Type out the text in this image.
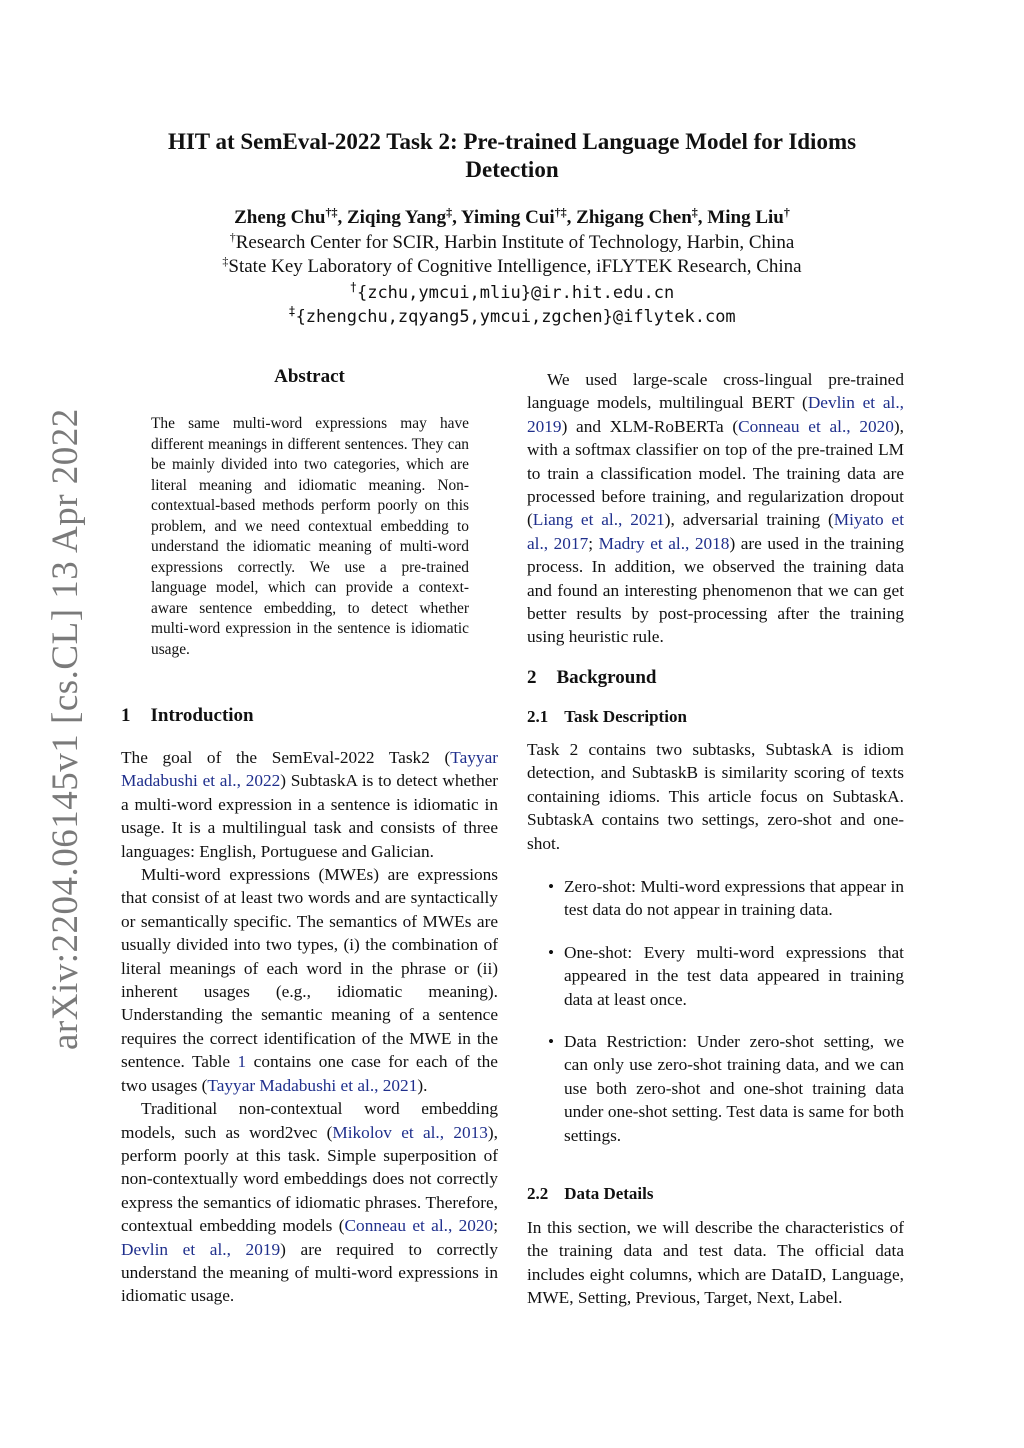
arXiv:2204.06145v1 [cs.CL] 13 Apr 2022
HIT at SemEval-2022 Task 2: Pre-trained Language Model for Idioms
Detection
Zheng Chu†‡, Ziqing Yang‡, Yiming Cui†‡, Zhigang Chen‡, Ming Liu†
†Research Center for SCIR, Harbin Institute of Technology, Harbin, China
‡State Key Laboratory of Cognitive Intelligence, iFLYTEK Research, China
†{zchu,ymcui,mliu}@ir.hit.edu.cn
‡{zhengchu,zqyang5,ymcui,zgchen}@iflytek.com
Abstract
The same multi-word expressions may have different meanings in different sentences. They can be mainly divided into two categories, which are literal meaning and idiomatic meaning. Non-contextual-based methods perform poorly on this problem, and we need contextual embedding to understand the idiomatic meaning of multi-word expressions correctly. We use a pre-trained language model, which can provide a context-aware sentence embedding, to detect whether multi-word expression in the sentence is idiomatic usage.
1 Introduction

The goal of the SemEval-2022 Task2 (Tayyar Madabushi et al., 2022) SubtaskA is to detect whether a multi-word expression in a sentence is idiomatic in usage. It is a multilingual task and consists of three languages: English, Portuguese and Galician.

Multi-word expressions (MWEs) are expressions that consist of at least two words and are syntactically or semantically specific. The semantics of MWEs are usually divided into two types, (i) the combination of literal meanings of each word in the phrase or (ii) inherent usages (e.g., idiomatic meaning). Understanding the semantic meaning of a sentence requires the correct identification of the MWE in the sentence. Table 1 contains one case for each of the two usages (Tayyar Madabushi et al., 2021).

Traditional non-contextual word embedding models, such as word2vec (Mikolov et al., 2013), perform poorly at this task. Simple superposition of non-contextually word embeddings does not correctly express the semantics of idiomatic phrases. Therefore, contextual embedding models (Conneau et al., 2020; Devlin et al., 2019) are required to correctly understand the meaning of multi-word expressions in idiomatic usage.

We used large-scale cross-lingual pre-trained language models, multilingual BERT (Devlin et al., 2019) and XLM-RoBERTa (Conneau et al., 2020), with a softmax classifier on top of the pre-trained LM to train a classification model. The training data are processed before training, and regularization dropout (Liang et al., 2021), adversarial training (Miyato et al., 2017; Madry et al., 2018) are used in the training process. In addition, we observed the training data and found an interesting phenomenon that we can get better results by post-processing after the training using heuristic rule.

2 Background
2.1 Task Description

Task 2 contains two subtasks, SubtaskA is idiom detection, and SubtaskB is similarity scoring of texts containing idioms. This article focus on SubtaskA. SubtaskA contains two settings, zero-shot and one-shot.

• Zero-shot: Multi-word expressions that appear in test data do not appear in training data.
• One-shot: Every multi-word expressions that appeared in the test data appeared in training data at least once.
• Data Restriction: Under zero-shot setting, we can only use zero-shot training data, and we can use both zero-shot and one-shot training data under one-shot setting. Test data is same for both settings.
2.2 Data Details

In this section, we will describe the characteristics of the training data and test data. The official data includes eight columns, which are DataID, Language, MWE, Setting, Previous, Target, Next, Label.
